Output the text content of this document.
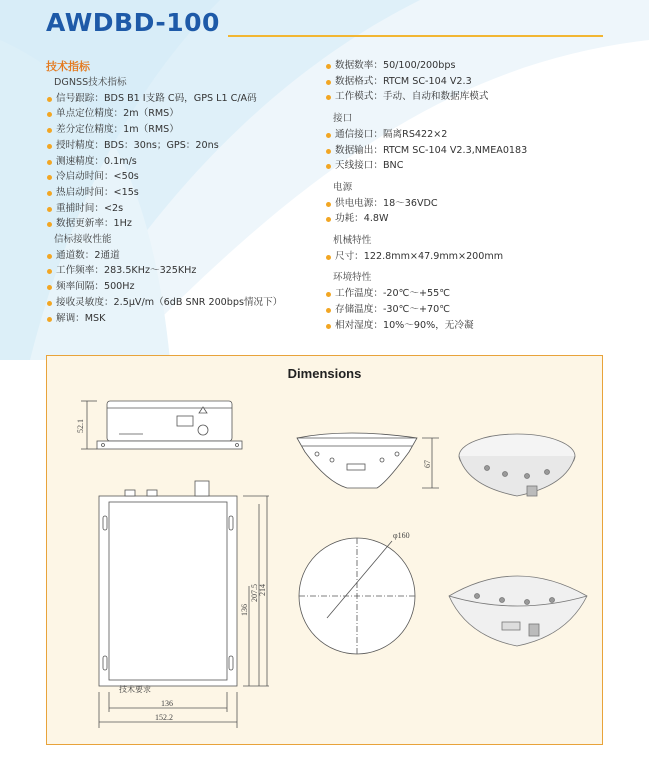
AWDBD-100
技术指标
DGNSS技术指标
信号跟踪：BDS B1 I支路 C码，GPS L1 C/A码
单点定位精度：2m（RMS）
差分定位精度：1m（RMS）
授时精度：BDS：30ns；GPS：20ns
测速精度：0.1m/s
冷启动时间：<50s
热启动时间：<15s
重捕时间：<2s
数据更新率：1Hz
信标接收性能
通道数：2通道
工作频率：283.5KHz～325KHz
频率间隔：500Hz
接收灵敏度：2.5μV/m（6dB SNR 200bps情况下）
解调：MSK
数据数率：50/100/200bps
数据格式：RTCM SC-104 V2.3
工作模式：手动、自动和数据库模式
接口
通信接口：隔离RS422×2
数据输出：RTCM SC-104 V2.3,NMEA0183
天线接口：BNC
电源
供电电源：18～36VDC
功耗：4.8W
机械特性
尺寸：122.8mm×47.9mm×200mm
环境特性
工作温度：-20℃～+55℃
存储温度：-30℃～+70℃
相对湿度：10%～90%，无冷凝
Dimensions
52.1
136
207.5 214
136
152.2
67
φ160
技术要求
